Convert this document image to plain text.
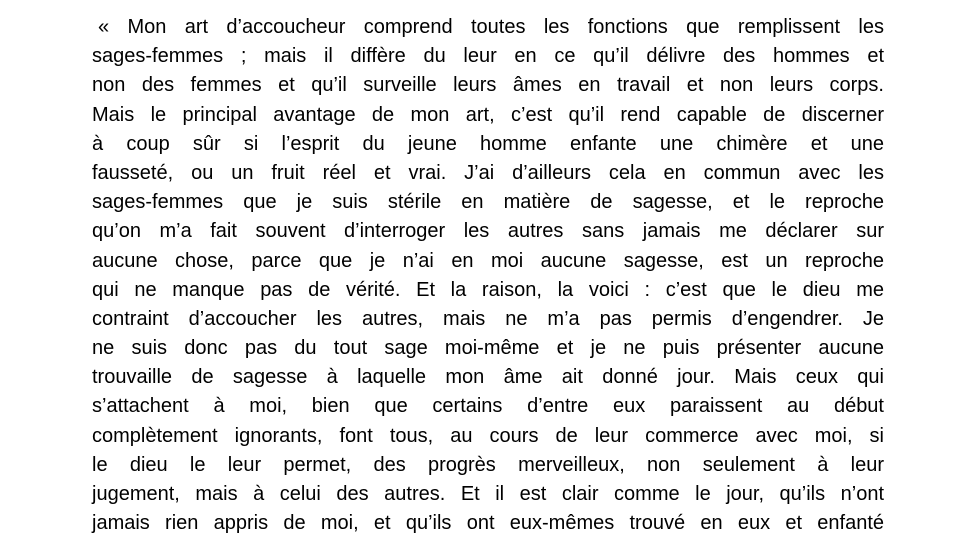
« Mon art d’accoucheur comprend toutes les fonctions que remplissent les
sages-femmes ; mais il diffère du leur en ce qu’il délivre des hommes et
non des femmes et qu’il surveille leurs âmes en travail et non leurs corps.
Mais le principal avantage de mon art, c’est qu’il rend capable de discerner
à coup sûr si l’esprit du jeune homme enfante une chimère et une
fausseté, ou un fruit réel et vrai. J’ai d’ailleurs cela en commun avec les
sages-femmes que je suis stérile en matière de sagesse, et le reproche
qu’on m’a fait souvent d’interroger les autres sans jamais me déclarer sur
aucune chose, parce que je n’ai en moi aucune sagesse, est un reproche
qui ne manque pas de vérité. Et la raison, la voici : c’est que le dieu me
contraint d’accoucher les autres, mais ne m’a pas permis d’engendrer. Je
ne suis donc pas du tout sage moi-même et je ne puis présenter aucune
trouvaille de sagesse à laquelle mon âme ait donné jour. Mais ceux qui
s’attachent à moi, bien que certains d’entre eux paraissent au début
complètement ignorants, font tous, au cours de leur commerce avec moi, si
le dieu le leur permet, des progrès merveilleux, non seulement à leur
jugement, mais à celui des autres. Et il est clair comme le jour, qu’ils n’ont
jamais rien appris de moi, et qu’ils ont eux-mêmes trouvé en eux et enfanté
